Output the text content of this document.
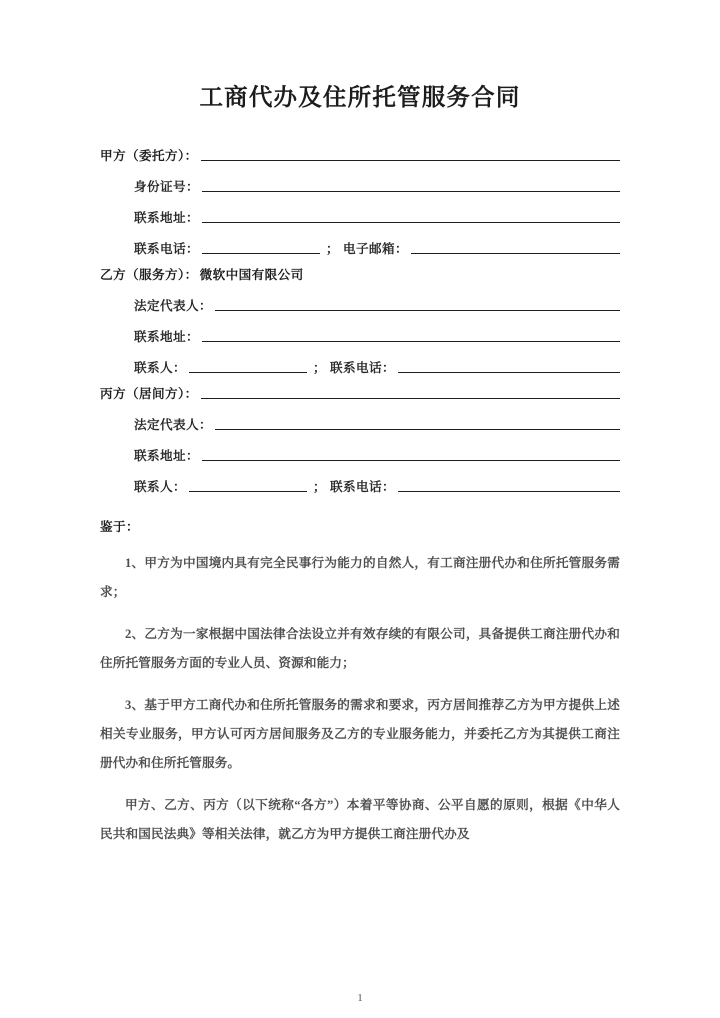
工商代办及住所托管服务合同
甲方（委托方）：
身份证号：
联系地址：
联系电话：	； 电子邮箱：
乙方（服务方）： 微软中国有限公司
法定代表人：
联系地址：
联系人：	； 联系电话：
丙方（居间方）：
法定代表人：
联系地址：
联系人：	； 联系电话：
鉴于：

1、甲方为中国境内具有完全民事行为能力的自然人，有工商注册代办和住所托管服务需求；

2、乙方为一家根据中国法律合法设立并有效存续的有限公司，具备提供工商注册代办和住所托管服务方面的专业人员、资源和能力；

3、基于甲方工商代办和住所托管服务的需求和要求，丙方居间推荐乙方为甲方提供上述相关专业服务，甲方认可丙方居间服务及乙方的专业服务能力，并委托乙方为其提供工商注册代办和住所托管服务。

甲方、乙方、丙方（以下统称“各方”）本着平等协商、公平自愿的原则，根据《中华人民共和国民法典》等相关法律，就乙方为甲方提供工商注册代办及

1
